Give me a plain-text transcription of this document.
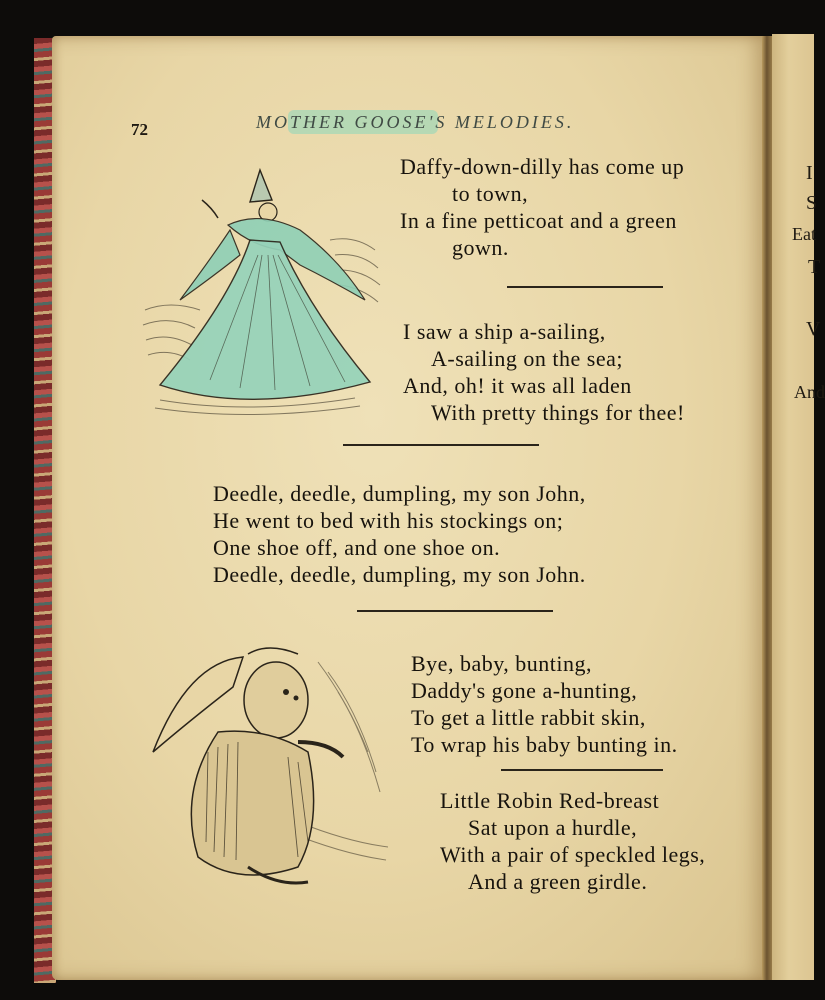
I
S
Eat
T
V
And
72	MOTHER GOOSE'S MELODIES.
Daffy-down-dilly has come up
to town,
In a fine petticoat and a green
gown.
I saw a ship a-sailing,
A-sailing on the sea;
And, oh! it was all laden
With pretty things for thee!
Deedle, deedle, dumpling, my son John,
He went to bed with his stockings on;
One shoe off, and one shoe on.
Deedle, deedle, dumpling, my son John.
Bye, baby, bunting,
Daddy's gone a-hunting,
To get a little rabbit skin,
To wrap his baby bunting in.
Little Robin Red-breast
Sat upon a hurdle,
With a pair of speckled legs,
And a green girdle.
